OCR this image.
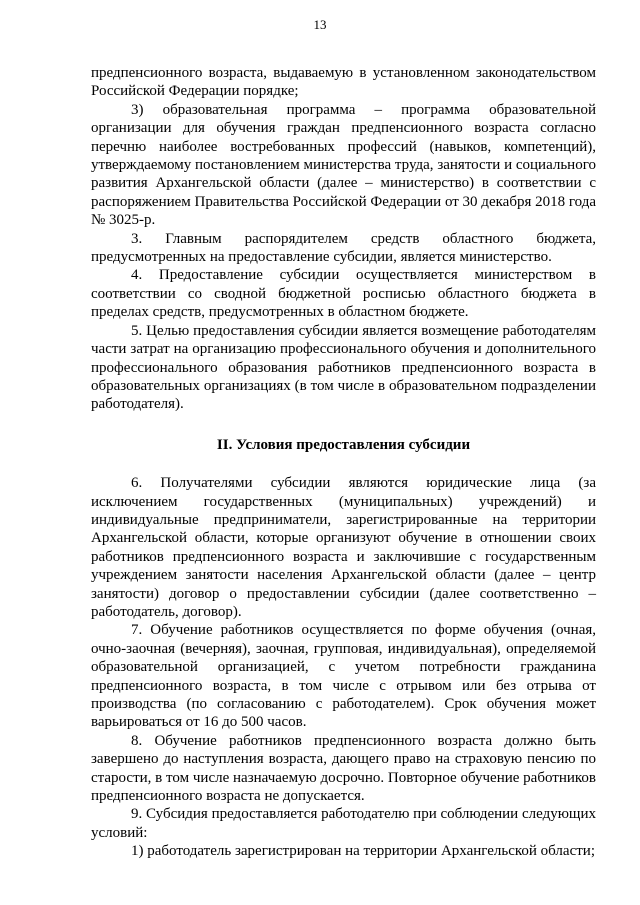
13

предпенсионного возраста, выдаваемую в установленном законодательством Российской Федерации порядке;

3) образовательная программа – программа образовательной организации для обучения граждан предпенсионного возраста согласно перечню наиболее востребованных профессий (навыков, компетенций), утверждаемому постановлением министерства труда, занятости и социального развития Архангельской области (далее – министерство) в соответствии с распоряжением Правительства Российской Федерации от 30 декабря 2018 года № 3025-р.

3. Главным распорядителем средств областного бюджета, предусмотренных на предоставление субсидии, является министерство.

4. Предоставление субсидии осуществляется министерством в соответствии со сводной бюджетной росписью областного бюджета в пределах средств, предусмотренных в областном бюджете.

5. Целью предоставления субсидии является возмещение работодателям части затрат на организацию профессионального обучения и дополнительного профессионального образования работников предпенсионного возраста в образовательных организациях (в том числе в образовательном подразделении работодателя).

II. Условия предоставления субсидии

6. Получателями субсидии являются юридические лица (за исключением государственных (муниципальных) учреждений) и индивидуальные предприниматели, зарегистрированные на территории Архангельской области, которые организуют обучение в отношении своих работников предпенсионного возраста и заключившие с государственным учреждением занятости населения Архангельской области (далее – центр занятости) договор о предоставлении субсидии (далее соответственно – работодатель, договор).

7. Обучение работников осуществляется по форме обучения (очная, очно-заочная (вечерняя), заочная, групповая, индивидуальная), определяемой образовательной организацией, с учетом потребности гражданина предпенсионного возраста, в том числе с отрывом или без отрыва от производства (по согласованию с работодателем). Срок обучения может варьироваться от 16 до 500 часов.

8. Обучение работников предпенсионного возраста должно быть завершено до наступления возраста, дающего право на страховую пенсию по старости, в том числе назначаемую досрочно. Повторное обучение работников предпенсионного возраста не допускается.

9. Субсидия предоставляется работодателю при соблюдении следующих условий:

1) работодатель зарегистрирован на территории Архангельской области;
